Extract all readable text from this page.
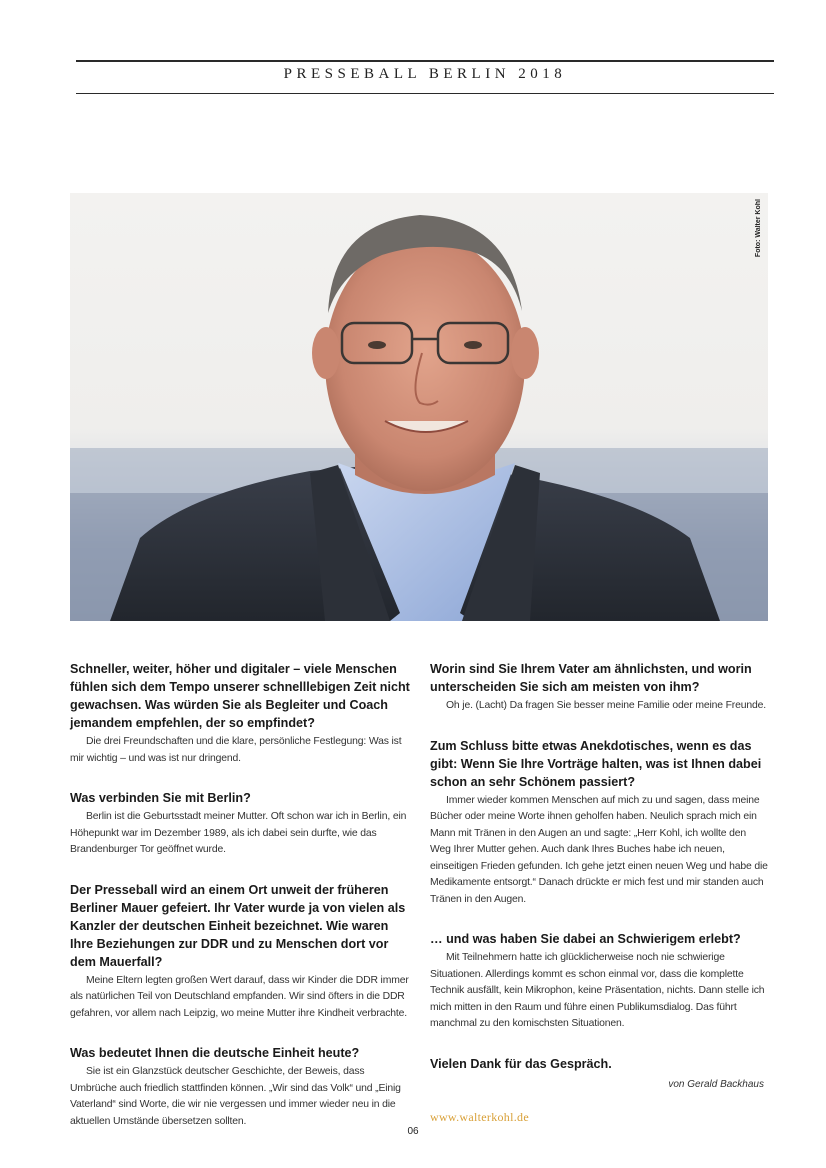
PRESSEBALL BERLIN 2018
Foto: Walter Kohl

Schneller, weiter, höher und digitaler – viele Menschen fühlen sich dem Tempo unserer schnelllebigen Zeit nicht gewachsen. Was würden Sie als Begleiter und Coach jemandem empfehlen, der so empfindet?

Die drei Freundschaften und die klare, persönliche Festlegung: Was ist mir wichtig – und was ist nur dringend.

Was verbinden Sie mit Berlin?

Berlin ist die Geburtsstadt meiner Mutter. Oft schon war ich in Berlin, ein Höhepunkt war im Dezember 1989, als ich dabei sein durfte, wie das Brandenburger Tor geöffnet wurde.

Der Presseball wird an einem Ort unweit der früheren Berliner Mauer gefeiert. Ihr Vater wurde ja von vielen als Kanzler der deutschen Einheit bezeichnet. Wie waren Ihre Beziehungen zur DDR und zu Menschen dort vor dem Mauerfall?

Meine Eltern legten großen Wert darauf, dass wir Kinder die DDR immer als natürlichen Teil von Deutschland empfanden. Wir sind öfters in die DDR gefahren, vor allem nach Leipzig, wo meine Mutter ihre Kindheit verbrachte.

Was bedeutet Ihnen die deutsche Einheit heute?

Sie ist ein Glanzstück deutscher Geschichte, der Beweis, dass Umbrüche auch friedlich stattfinden können. „Wir sind das Volk“ und „Einig Vaterland“ sind Worte, die wir nie vergessen und immer wieder neu in die aktuellen Umstände übersetzen sollten.

Worin sind Sie Ihrem Vater am ähnlichsten, und worin unterscheiden Sie sich am meisten von ihm?

Oh je. (Lacht) Da fragen Sie besser meine Familie oder meine Freunde.

Zum Schluss bitte etwas Anekdotisches, wenn es das gibt: Wenn Sie Ihre Vorträge halten, was ist Ihnen dabei schon an sehr Schönem passiert?

Immer wieder kommen Menschen auf mich zu und sagen, dass meine Bücher oder meine Worte ihnen geholfen haben. Neulich sprach mich ein Mann mit Tränen in den Augen an und sagte: „Herr Kohl, ich wollte den Weg Ihrer Mutter gehen. Auch dank Ihres Buches habe ich neuen, einseitigen Frieden gefunden. Ich gehe jetzt einen neuen Weg und habe die Medikamente entsorgt.“ Danach drückte er mich fest und mir standen auch Tränen in den Augen.

… und was haben Sie dabei an Schwierigem erlebt?

Mit Teilnehmern hatte ich glücklicherweise noch nie schwierige Situationen. Allerdings kommt es schon einmal vor, dass die komplette Technik ausfällt, kein Mikrophon, keine Präsentation, nichts. Dann stelle ich mich mitten in den Raum und führe einen Publikumsdialog. Das führt manchmal zu den komischsten Situationen.

Vielen Dank für das Gespräch.

von Gerald Backhaus

www.walterkohl.de
06
